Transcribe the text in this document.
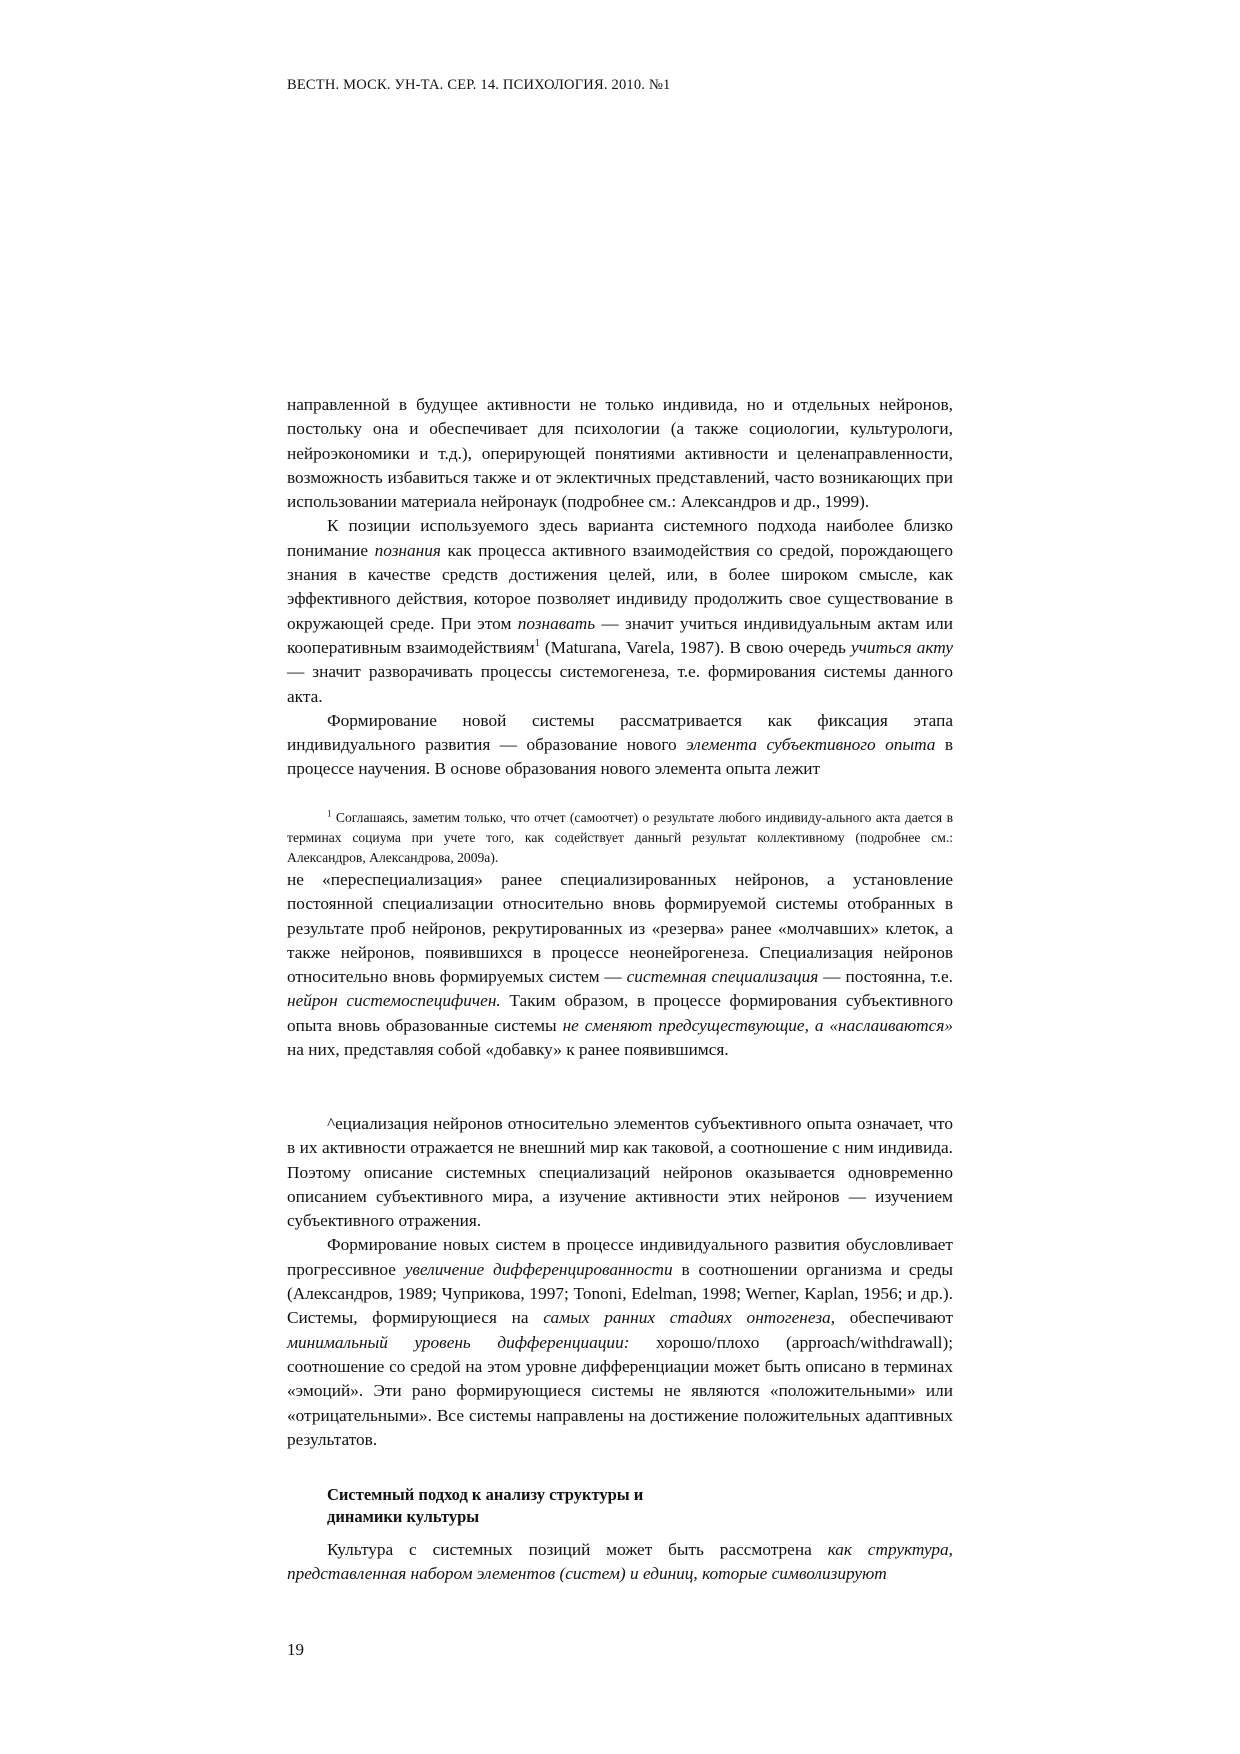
ВЕСТН. МОСК. УН-ТА. СЕР. 14. ПСИХОЛОГИЯ. 2010. №1

направленной в будущее активности не только индивида, но и отдельных нейронов, постольку она и обеспечивает для психологии (а также социологии, культурологи, нейроэкономики и т.д.), оперирующей понятиями активности и целенаправленности, возможность избавиться также и от эклектичных представлений, часто возникающих при использовании материала нейронаук (подробнее см.: Александров и др., 1999).

К позиции используемого здесь варианта системного подхода наиболее близко понимание познания как процесса активного взаимодействия со средой, порождающего знания в качестве средств достижения целей, или, в более широком смысле, как эффективного действия, которое позволяет индивиду продолжить свое существование в окружающей среде. При этом познавать — значит учиться индивидуальным актам или кооперативным взаимодействиям$^1$ (Maturana, Varela, 1987). В свою очередь учиться акту — значит разворачивать процессы системогенеза, т.е. формирования системы данного акта.

Формирование новой системы рассматривается как фиксация этапа индивидуального развития — образование нового элемента субъективного опыта в процессе научения. В основе образования нового элемента опыта лежит

$^1$ Соглашаясь, заметим только, что отчет (самоотчет) о результате любого индивиду-ального акта дается в терминах социума при учете того, как содействует данньгй результат коллективному (подробнее см.: Александров, Александрова, 2009а).

не «переспециализация» ранее специализированных нейронов, а установление постоянной специализации относительно вновь формируемой системы отобранных в результате проб нейронов, рекрутированных из «резерва» ранее «молчавших» клеток, а также нейронов, появившихся в процессе неонейрогенеза. Специализация нейронов относительно вновь формируемых систем — системная специализация — постоянна, т.е. нейрон системоспецифичен. Таким образом, в процессе формирования субъективного опыта вновь образованные системы не сменяют предсуществующие, а «наслаиваются» на них, представляя собой «добавку» к ранее появившимся.

^ециализация нейронов относительно элементов субъективного опыта означает, что в их активности отражается не внешний мир как таковой, а соотношение с ним индивида. Поэтому описание системных специализаций нейронов оказывается одновременно описанием субъективного мира, а изучение активности этих нейронов — изучением субъективного отражения.

Формирование новых систем в процессе индивидуального развития обусловливает прогрессивное увеличение дифференцированности в соотношении организма и среды (Александров, 1989; Чуприкова, 1997; Tononi, Edelman, 1998; Werner, Kaplan, 1956; и др.). Системы, формирующиеся на самых ранних стадиях онтогенеза, обеспечивают минимальный уровень дифференциации: хорошо/плохо (approach/withdrawall); соотношение со средой на этом уровне дифференциации может быть описано в терминах «эмоций». Эти рано формирующиеся системы не являются «положительными» или «отрицательными». Все системы направлены на достижение положительных адаптивных результатов.

Системный подход к анализу структуры и
динамики культуры

Культура с системных позиций может быть рассмотрена как структура, представленная набором элементов (систем) и единиц, которые символизируют

19
